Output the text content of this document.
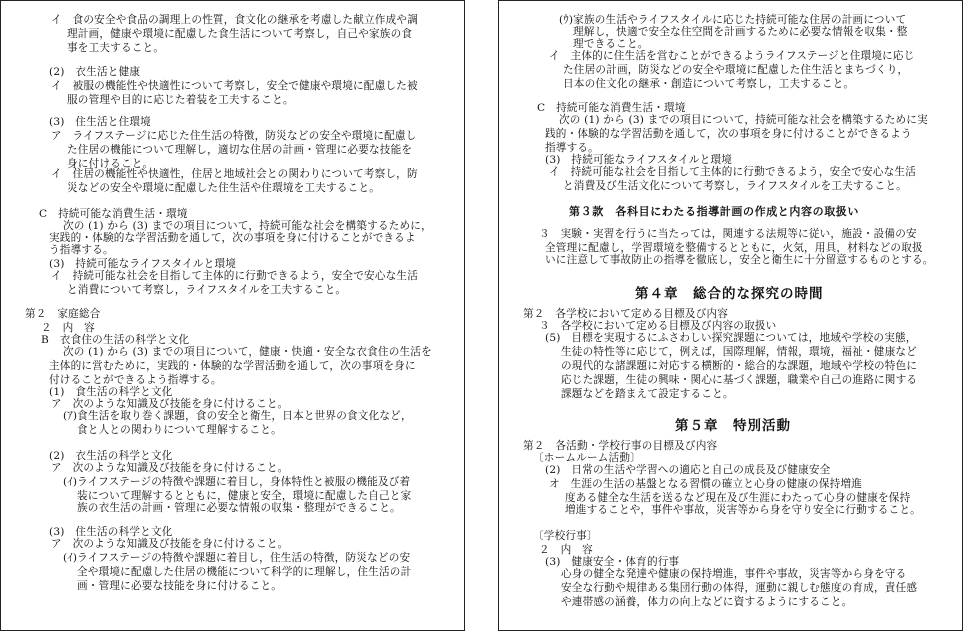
イ　食の安全や食品の調理上の性質，食文化の継承を考慮した献立作成や調
理計画，健康や環境に配慮した食生活について考察し，自己や家族の食
事を工夫すること。
(2)　衣生活と健康
イ　被服の機能性や快適性について考察し，安全で健康や環境に配慮した被
服の管理や目的に応じた着装を工夫すること。
(3)　住生活と住環境
ア　ライフステージに応じた住生活の特徴，防災などの安全や環境に配慮し
た住居の機能について理解し，適切な住居の計画・管理に必要な技能を
身に付けること。
イ　住居の機能性や快適性，住居と地域社会との関わりについて考察し，防
災などの安全や環境に配慮した住生活や住環境を工夫すること。
C　持続可能な消費生活・環境
次の (1) から (3) までの項目について，持続可能な社会を構築するために，
実践的・体験的な学習活動を通して，次の事項を身に付けることができるよ
う指導する。
(3)　持続可能なライフスタイルと環境
イ　持続可能な社会を目指して主体的に行動できるよう，安全で安心な生活
と消費について考察し，ライフスタイルを工夫すること。
第２　家庭総合
２　内　容
B　衣食住の生活の科学と文化
次の (1) から (3) までの項目について，健康・快適・安全な衣食住の生活を
主体的に営むために，実践的・体験的な学習活動を通して，次の事項を身に
付けることができるよう指導する。
(1)　食生活の科学と文化
ア　次のような知識及び技能を身に付けること。
(ｱ)食生活を取り巻く課題，食の安全と衛生，日本と世界の食文化など，
食と人との関わりについて理解すること。
(2)　衣生活の科学と文化
ア　次のような知識及び技能を身に付けること。
(ｲ)ライフステージの特徴や課題に着目し，身体特性と被服の機能及び着
装について理解するとともに，健康と安全，環境に配慮した自己と家
族の衣生活の計画・管理に必要な情報の収集・整理ができること。
(3)　住生活の科学と文化
ア　次のような知識及び技能を身に付けること。
(ｲ)ライフステージの特徴や課題に着目し，住生活の特徴，防災などの安
全や環境に配慮した住居の機能について科学的に理解し，住生活の計
画・管理に必要な技能を身に付けること。
(ｳ)家族の生活やライフスタイルに応じた持続可能な住居の計画について
理解し，快適で安全な住空間を計画するために必要な情報を収集・整
理できること。
イ　主体的に住生活を営むことができるようライフステージと住環境に応じ
た住居の計画，防災などの安全や環境に配慮した住生活とまちづくり，
日本の住文化の継承・創造について考察し，工夫すること。
C　持続可能な消費生活・環境
次の (1) から (3) までの項目について，持続可能な社会を構築するために実
践的・体験的な学習活動を通して，次の事項を身に付けることができるよう
指導する。
(3)　持続可能なライフスタイルと環境
イ　持続可能な社会を目指して主体的に行動できるよう，安全で安心な生活
と消費及び生活文化について考察し，ライフスタイルを工夫すること。
第３款　各科目にわたる指導計画の作成と内容の取扱い
３　実験・実習を行うに当たっては，関連する法規等に従い，施設・設備の安
全管理に配慮し，学習環境を整備するとともに，火気，用具，材料などの取扱
いに注意して事故防止の指導を徹底し，安全と衛生に十分留意するものとする。
第４章　総合的な探究の時間
第２　各学校において定める目標及び内容
３　各学校において定める目標及び内容の取扱い
(5)　目標を実現するにふさわしい探究課題については，地域や学校の実態，
生徒の特性等に応じて，例えば，国際理解，情報，環境，福祉・健康など
の現代的な諸課題に対応する横断的・総合的な課題，地域や学校の特色に
応じた課題，生徒の興味・関心に基づく課題，職業や自己の進路に関する
課題などを踏まえて設定すること。
第５章　特別活動
第２　各活動・学校行事の目標及び内容
〔ホームルーム活動〕
(2)　日常の生活や学習への適応と自己の成長及び健康安全
オ　生涯の生活の基盤となる習慣の確立と心身の健康の保持増進
度ある健全な生活を送るなど現在及び生涯にわたって心身の健康を保持
増進することや，事件や事故，災害等から身を守り安全に行動すること。
〔学校行事〕
２　内　容
(3)　健康安全・体育的行事
心身の健全な発達や健康の保持増進，事件や事故，災害等から身を守る
安全な行動や規律ある集団行動の体得，運動に親しむ態度の育成，責任感
や連帯感の涵養，体力の向上などに資するようにすること。
